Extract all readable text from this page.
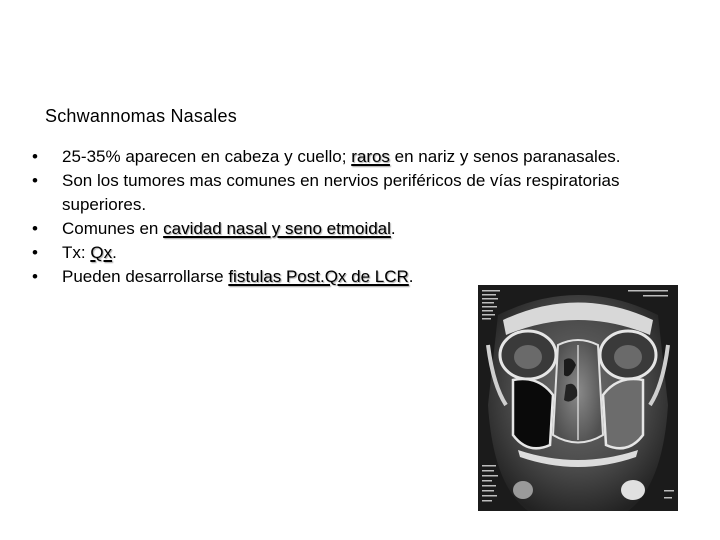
Schwannomas Nasales
•	25-35% aparecen en cabeza y cuello; raros en nariz y senos paranasales.
•	Son los tumores mas comunes en nervios periféricos de vías respiratorias superiores.
•	Comunes en cavidad nasal y seno etmoidal.
•	Tx: Qx.
•	Pueden desarrollarse fistulas Post.Qx de LCR.
